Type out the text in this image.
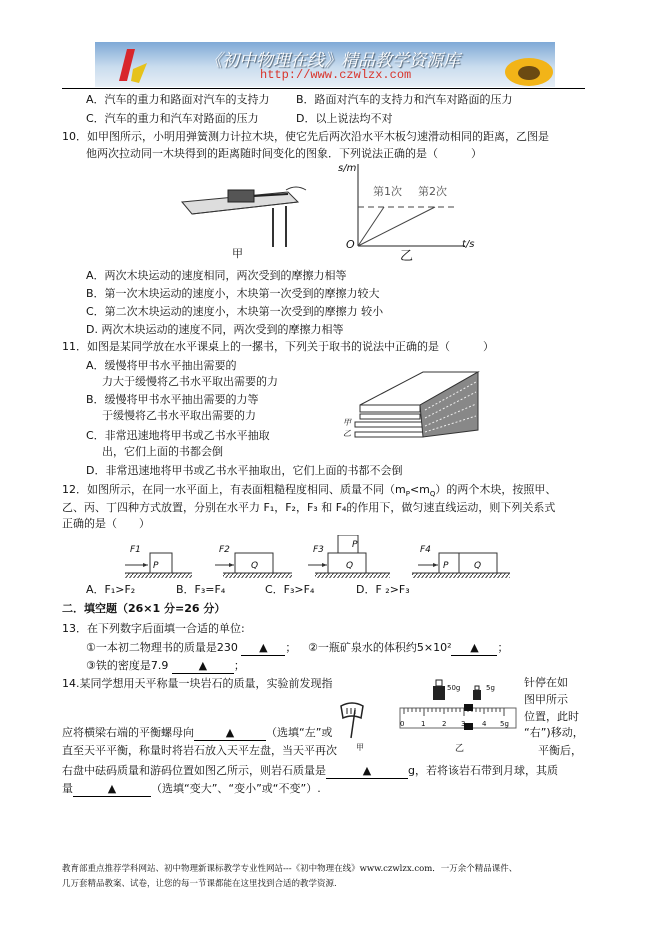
《初中物理在线》精品教学资源库
http://www.czwlzx.com
A．汽车的重力和路面对汽车的支持力 B．路面对汽车的支持力和汽车对路面的压力
C．汽车的重力和汽车对路面的压力	D．以上说法均不对
10．如甲图所示，小明用弹簧测力计拉木块，使它先后两次沿水平木板匀速滑动相同的距离，乙图是
他两次拉动同一木块得到的距离随时间变化的图象．下列说法正确的是（　　　）
甲
s/m
t/s
O
第1次 第2次
乙
A．两次木块运动的速度相同，两次受到的摩擦力相等
B．第一次木块运动的速度小，木块第一次受到的摩擦力较大
C．第二次木块运动的速度小，木块第一次受到的摩擦力 较小
D. 两次木块运动的速度不同，两次受到的摩擦力相等
11．如图是某同学放在水平课桌上的一摞书，下列关于取书的说法中正确的是（　　　）
A．缓慢将甲书水平抽出需要的
力大于缓慢将乙书水平取出需要的力
B．缓慢将甲书水平抽出需要的力等
于缓慢将乙书水平取出需要的力
C．非常迅速地将甲书或乙书水平抽取
出，它们上面的书都会倒
D．非常迅速地将甲书或乙书水平抽取出，它们上面的书都不会倒
甲
乙
12．如图所示，在同一水平面上，有表面粗糙程度相同、质量不同$(m_P<m_Q)$的两个木块，按照甲、
乙、丙、丁四种方式放置，分别在水平力 F₁，F₂，F₃ 和 F₄的作用下，做匀速直线运动，则下列关系式
正确的是（　　）
F1
P
F2
Q
F3
Q
P	F4
P	Q
A．F₁>F₂	B．F₃=F₄	C．F₃>F₄	D．F ₂>F₃
二．填空题（26×1 分=26 分）
13．在下列数字后面填一合适的单位:
①一本初二物理书的质量是230 ▲ ； ②一瓶矿泉水的体积约5×10² ▲ ；
③铁的密度是7.9	▲ ；
14.某同学想用天平称量一块岩石的质量，实验前发现指	针停在如
图甲所示
位置，此时
应将横梁右端的平衡螺母向	▲	（选填“左”或	“右”)移动，
直至天平平衡，称量时将岩石放入天平左盘，当天平再次	平衡后，
右盘中砝码质量和游码位置如图乙所示，则岩石质量是	▲	g，若将该岩石带到月球，其质
量	▲	（选填“变大”、“变小”或“不变”）.
甲
50g	5g
0 1 2 3 4 5g
乙
教育部重点推荐学科网站、初中物理新课标教学专业性网站---《初中物理在线》www.czwlzx.com．一万余个精品课件、
几万套精品教案、试卷，让您的每一节课都能在这里找到合适的教学资源.
